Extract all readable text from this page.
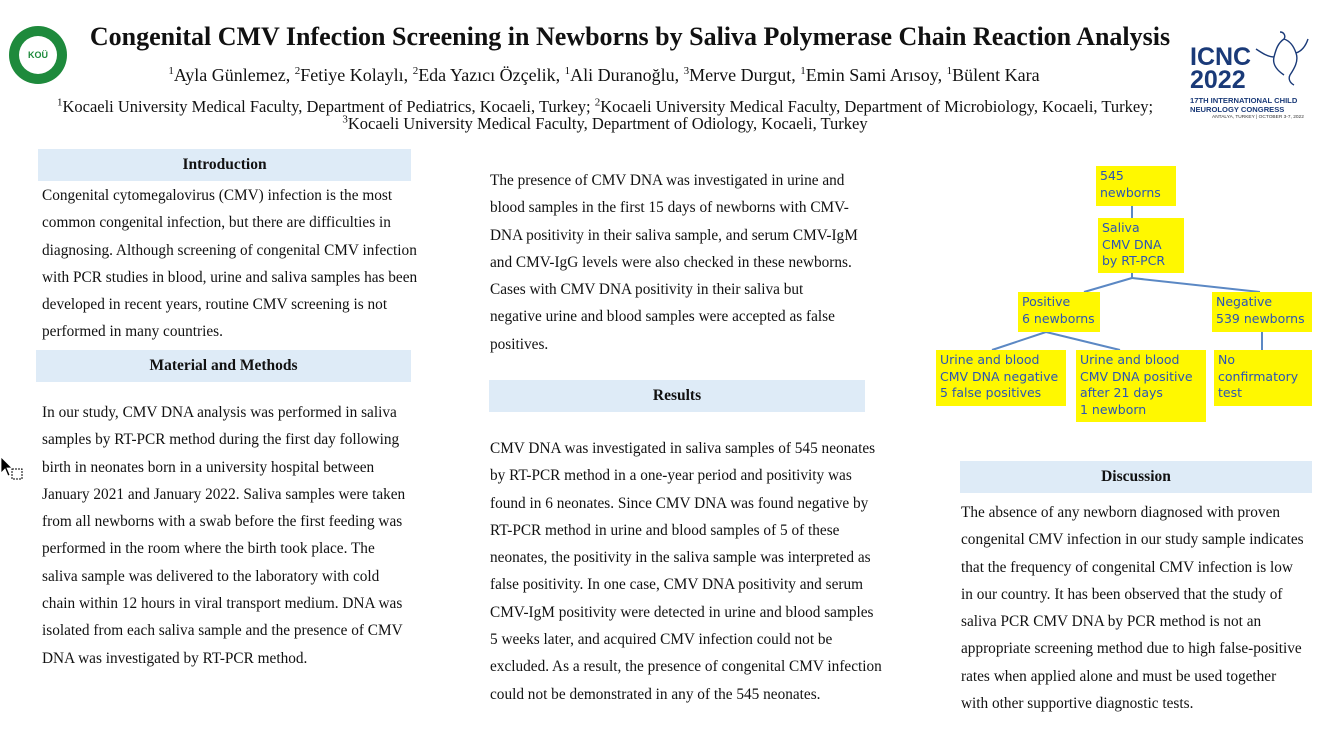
KOÜ	ICNC
2022
17TH INTERNATIONAL CHILD
NEUROLOGY CONGRESS
ANTALYA, TURKEY | OCTOBER 3-7, 2022
Congenital CMV Infection Screening in Newborns by Saliva Polymerase Chain Reaction Analysis
$^1$Ayla Günlemez, $^2$Fetiye Kolaylı, $^2$Eda Yazıcı Özçelik, $^1$Ali Duranoğlu, $^3$Merve Durgut, $^1$Emin Sami Arısoy, $^1$Bülent Kara
$^1$Kocaeli University Medical Faculty, Department of Pediatrics, Kocaeli, Turkey; $^2$Kocaeli University Medical Faculty, Department of Microbiology, Kocaeli, Turkey;
$^3$Kocaeli University Medical Faculty, Department of Odiology, Kocaeli, Turkey
Introduction
Congenital cytomegalovirus (CMV) infection is the most
common congenital infection, but there are difficulties in
diagnosing. Although screening of congenital CMV infection
with PCR studies in blood, urine and saliva samples has been
developed in recent years, routine CMV screening is not
performed in many countries.
Material and Methods
In our study, CMV DNA analysis was performed in saliva
samples by RT-PCR method during the first day following
birth in neonates born in a university hospital between
January 2021 and January 2022. Saliva samples were taken
from all newborns with a swab before the first feeding was
performed in the room where the birth took place. The
saliva sample was delivered to the laboratory with cold
chain within 12 hours in viral transport medium. DNA was
isolated from each saliva sample and the presence of CMV
DNA was investigated by RT-PCR method.
The presence of CMV DNA was investigated in urine and
blood samples in the first 15 days of newborns with CMV-
DNA positivity in their saliva sample, and serum CMV-IgM
and CMV-IgG levels were also checked in these newborns.
Cases with CMV DNA positivity in their saliva but
negative urine and blood samples were accepted as false
positives.
Results
CMV DNA was investigated in saliva samples of 545 neonates
by RT-PCR method in a one-year period and positivity was
found in 6 neonates. Since CMV DNA was found negative by
RT-PCR method in urine and blood samples of 5 of these
neonates, the positivity in the saliva sample was interpreted as
false positivity. In one case, CMV DNA positivity and serum
CMV-IgM positivity were detected in urine and blood samples
5 weeks later, and acquired CMV infection could not be
excluded. As a result, the presence of congenital CMV infection
could not be demonstrated in any of the 545 neonates.
545
newborns
Saliva
CMV DNA
by RT-PCR
Positive
6 newborns
Negative
539 newborns
Urine and blood
CMV DNA negative
5 false positives
Urine and blood
CMV DNA positive
after 21 days
1 newborn
No
confirmatory
test
Discussion
The absence of any newborn diagnosed with proven
congenital CMV infection in our study sample indicates
that the frequency of congenital CMV infection is low
in our country. It has been observed that the study of
saliva PCR CMV DNA by PCR method is not an
appropriate screening method due to high false-positive
rates when applied alone and must be used together
with other supportive diagnostic tests.
